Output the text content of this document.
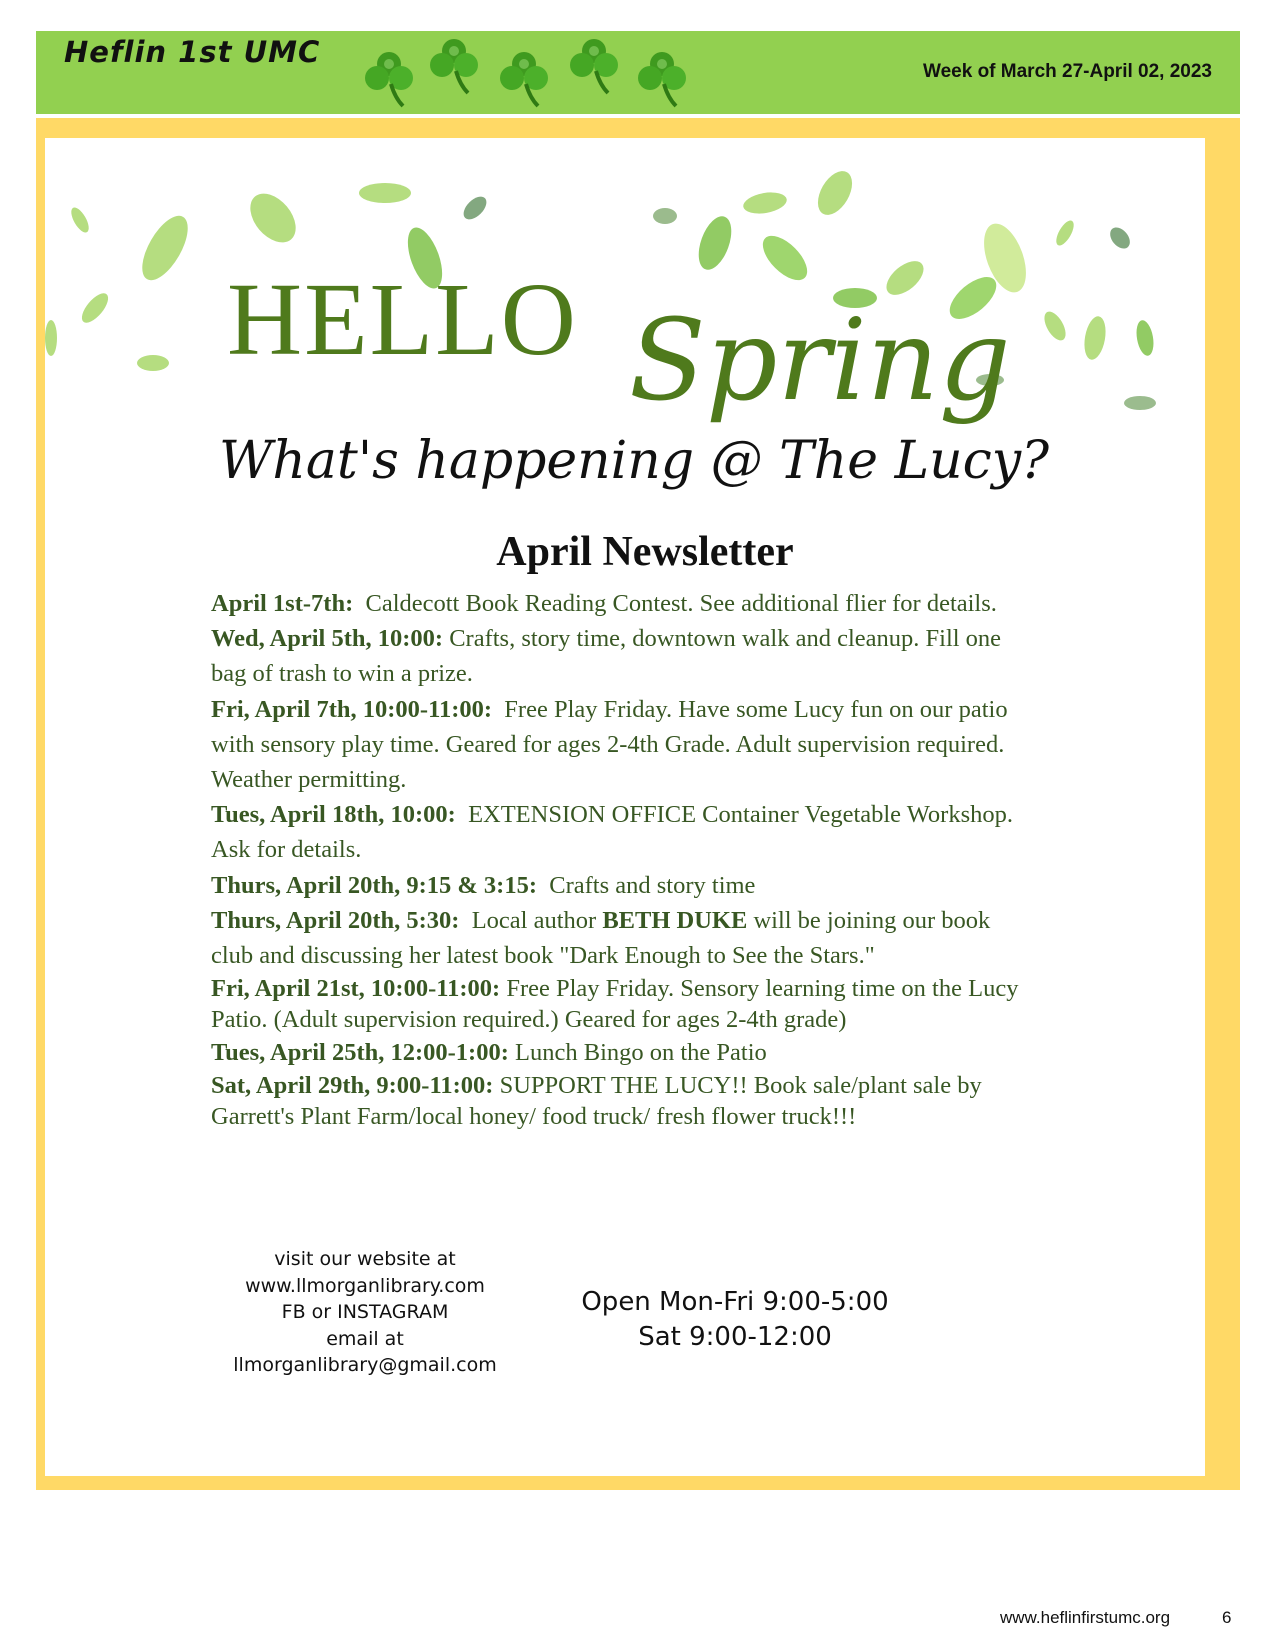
Heflin 1st UMC
Week of March 27-April 02, 2023
HELLO Spring
What's happening @ The Lucy?
April Newsletter

April 1st-7th: Caldecott Book Reading Contest. See additional flier for details.

Wed, April 5th, 10:00: Crafts, story time, downtown walk and cleanup. Fill one bag of trash to win a prize.

Fri, April 7th, 10:00-11:00: Free Play Friday. Have some Lucy fun on our patio with sensory play time. Geared for ages 2-4th Grade. Adult supervision required. Weather permitting.

Tues, April 18th, 10:00: EXTENSION OFFICE Container Vegetable Workshop. Ask for details.

Thurs, April 20th, 9:15 & 3:15: Crafts and story time

Thurs, April 20th, 5:30: Local author BETH DUKE will be joining our book club and discussing her latest book "Dark Enough to See the Stars."

Fri, April 21st, 10:00-11:00: Free Play Friday. Sensory learning time on the Lucy Patio. (Adult supervision required.) Geared for ages 2-4th grade)

Tues, April 25th, 12:00-1:00: Lunch Bingo on the Patio

Sat, April 29th, 9:00-11:00: SUPPORT THE LUCY!! Book sale/plant sale by Garrett's Plant Farm/local honey/ food truck/ fresh flower truck!!!

visit our website at
www.llmorganlibrary.com
FB or INSTAGRAM
email at
llmorganlibrary@gmail.com
Open Mon-Fri 9:00-5:00
Sat 9:00-12:00
www.heflinfirstumc.org	6
